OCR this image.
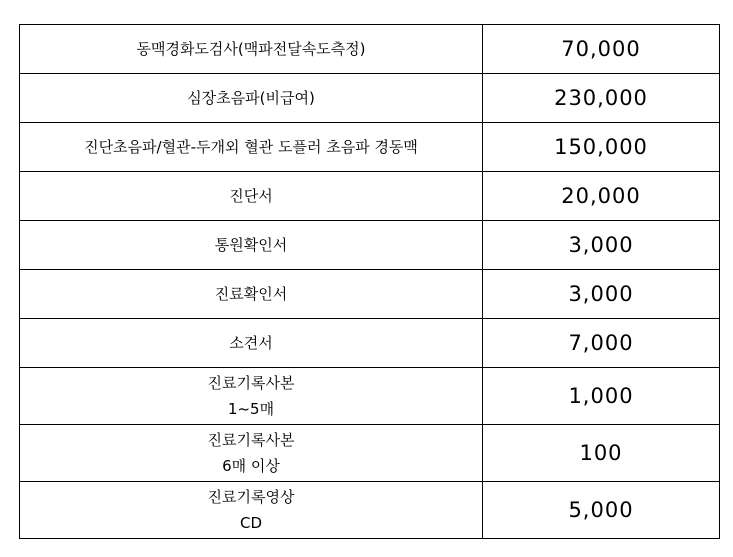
동맥경화도검사(맥파전달속도측정)	70,000

심장초음파(비급여)	230,000

진단초음파/혈관-두개외 혈관 도플러 초음파 경동맥	150,000

진단서	20,000

통원확인서	3,000

진료확인서	3,000

소견서	7,000

진료기록사본
1~5매	1,000

진료기록사본
6매 이상	100

진료기록영상
CD	5,000
